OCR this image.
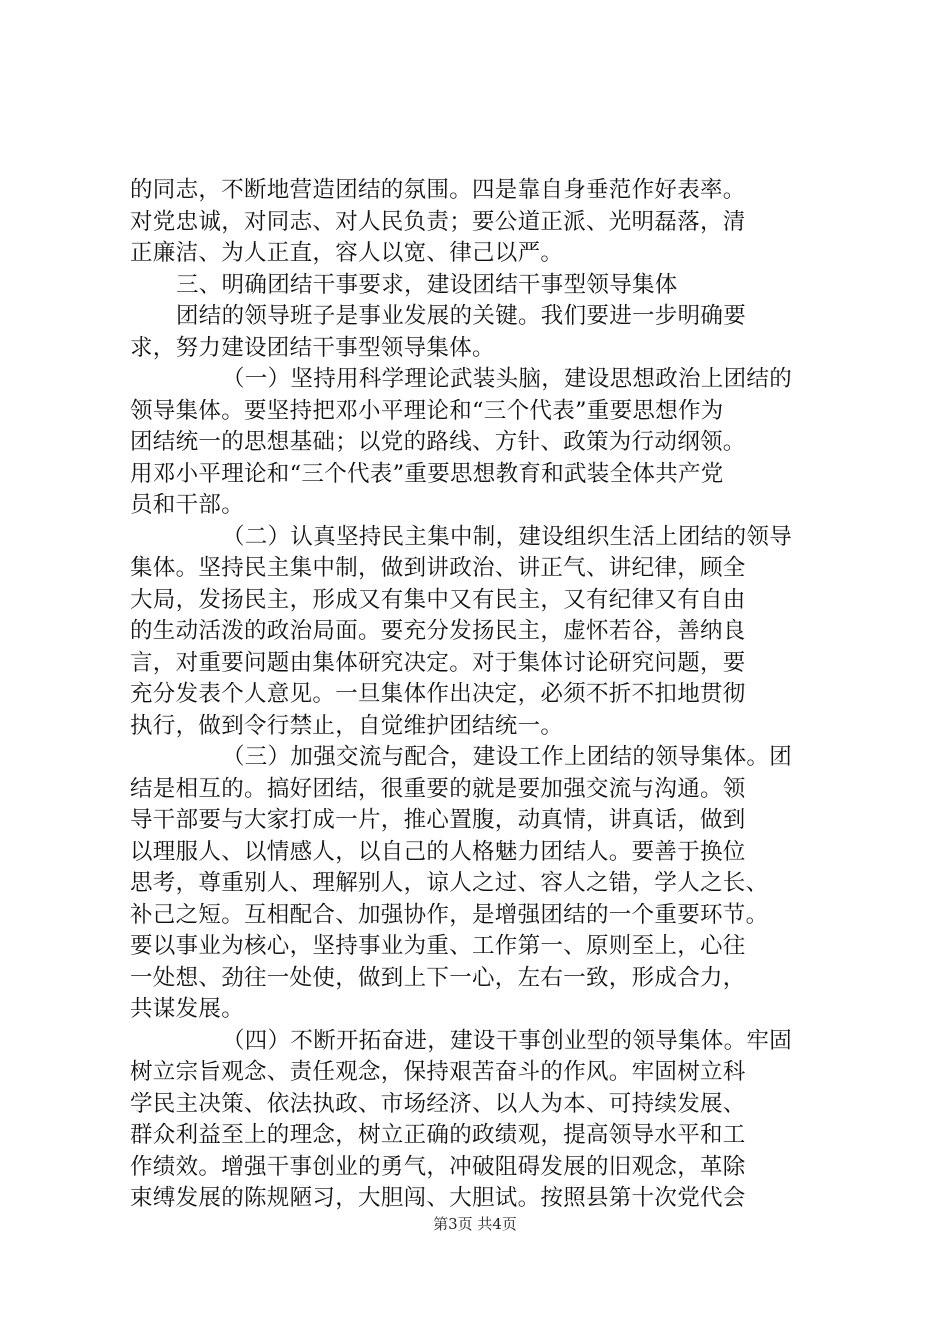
的同志，不断地营造团结的氛围。四是靠自身垂范作好表率。
对党忠诚，对同志、对人民负责；要公道正派、光明磊落，清
正廉洁、为人正直，容人以宽、律己以严。
三、明确团结干事要求，建设团结干事型领导集体
团结的领导班子是事业发展的关键。我们要进一步明确要
求，努力建设团结干事型领导集体。
（一）坚持用科学理论武装头脑，建设思想政治上团结的
领导集体。要坚持把邓小平理论和“三个代表”重要思想作为
团结统一的思想基础；以党的路线、方针、政策为行动纲领。
用邓小平理论和“三个代表”重要思想教育和武装全体共产党
员和干部。
（二）认真坚持民主集中制，建设组织生活上团结的领导
集体。坚持民主集中制，做到讲政治、讲正气、讲纪律，顾全
大局，发扬民主，形成又有集中又有民主，又有纪律又有自由
的生动活泼的政治局面。要充分发扬民主，虚怀若谷，善纳良
言，对重要问题由集体研究决定。对于集体讨论研究问题，要
充分发表个人意见。一旦集体作出决定，必须不折不扣地贯彻
执行，做到令行禁止，自觉维护团结统一。
（三）加强交流与配合，建设工作上团结的领导集体。团
结是相互的。搞好团结，很重要的就是要加强交流与沟通。领
导干部要与大家打成一片，推心置腹，动真情，讲真话，做到
以理服人、以情感人，以自己的人格魅力团结人。要善于换位
思考，尊重别人、理解别人，谅人之过、容人之错，学人之长、
补己之短。互相配合、加强协作，是增强团结的一个重要环节。
要以事业为核心，坚持事业为重、工作第一、原则至上，心往
一处想、劲往一处使，做到上下一心，左右一致，形成合力，
共谋发展。
（四）不断开拓奋进，建设干事创业型的领导集体。牢固
树立宗旨观念、责任观念，保持艰苦奋斗的作风。牢固树立科
学民主决策、依法执政、市场经济、以人为本、可持续发展、
群众利益至上的理念，树立正确的政绩观，提高领导水平和工
作绩效。增强干事创业的勇气，冲破阻碍发展的旧观念，革除
束缚发展的陈规陋习，大胆闯、大胆试。按照县第十次党代会
第3页 共4页
